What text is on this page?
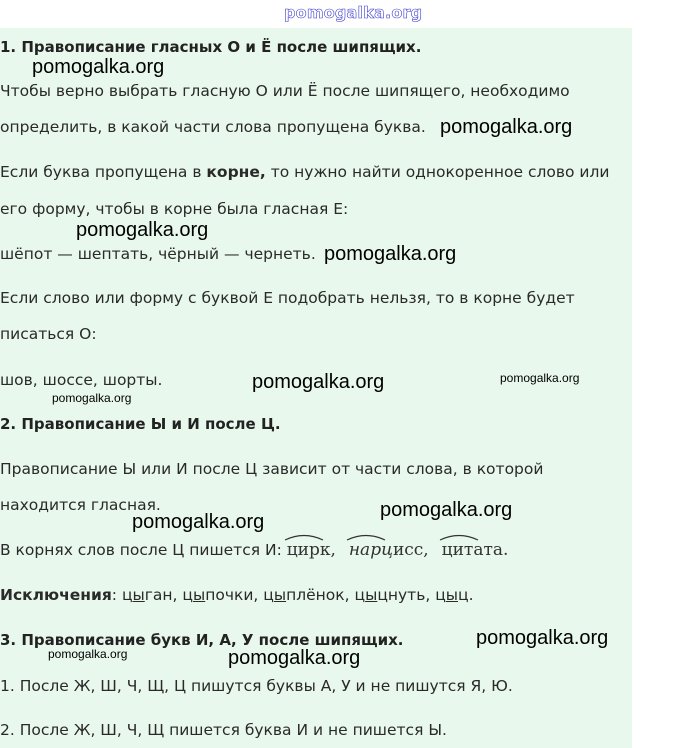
pomogalka.org
1. Правописание гласных О и Ё после шипящих.
pomogalka.org
Чтобы верно выбрать гласную О или Ё после шипящего, необходимо
определить, в какой части слова пропущена буква. pomogalka.org
Если буква пропущена в корне, то нужно найти однокоренное слово или
его форму, чтобы в корне была гласная Е:
pomogalka.org
шёпот — шептать, чёрный — чернеть. pomogalka.org
Если слово или форму с буквой Е подобрать нельзя, то в корне будет
писаться О:
шов, шоссе, шорты.	pomogalka.org	pomogalka.org
pomogalka.org
2. Правописание Ы и И после Ц.
Правописание Ы или И после Ц зависит от части слова, в которой
находится гласная.	pomogalka.org
pomogalka.org
В корнях слов после Ц пишется И:
цирк, нарцисс, цитата.
Исключения: цыган, цыпочки, цыплёнок, цыцнуть, цыц.
3. Правописание букв И, А, У после шипящих.	pomogalka.org
pomogalka.org	pomogalka.org
1. После Ж, Ш, Ч, Щ, Ц пишутся буквы А, У и не пишутся Я, Ю.
2. После Ж, Ш, Ч, Щ пишется буква И и не пишется Ы.
